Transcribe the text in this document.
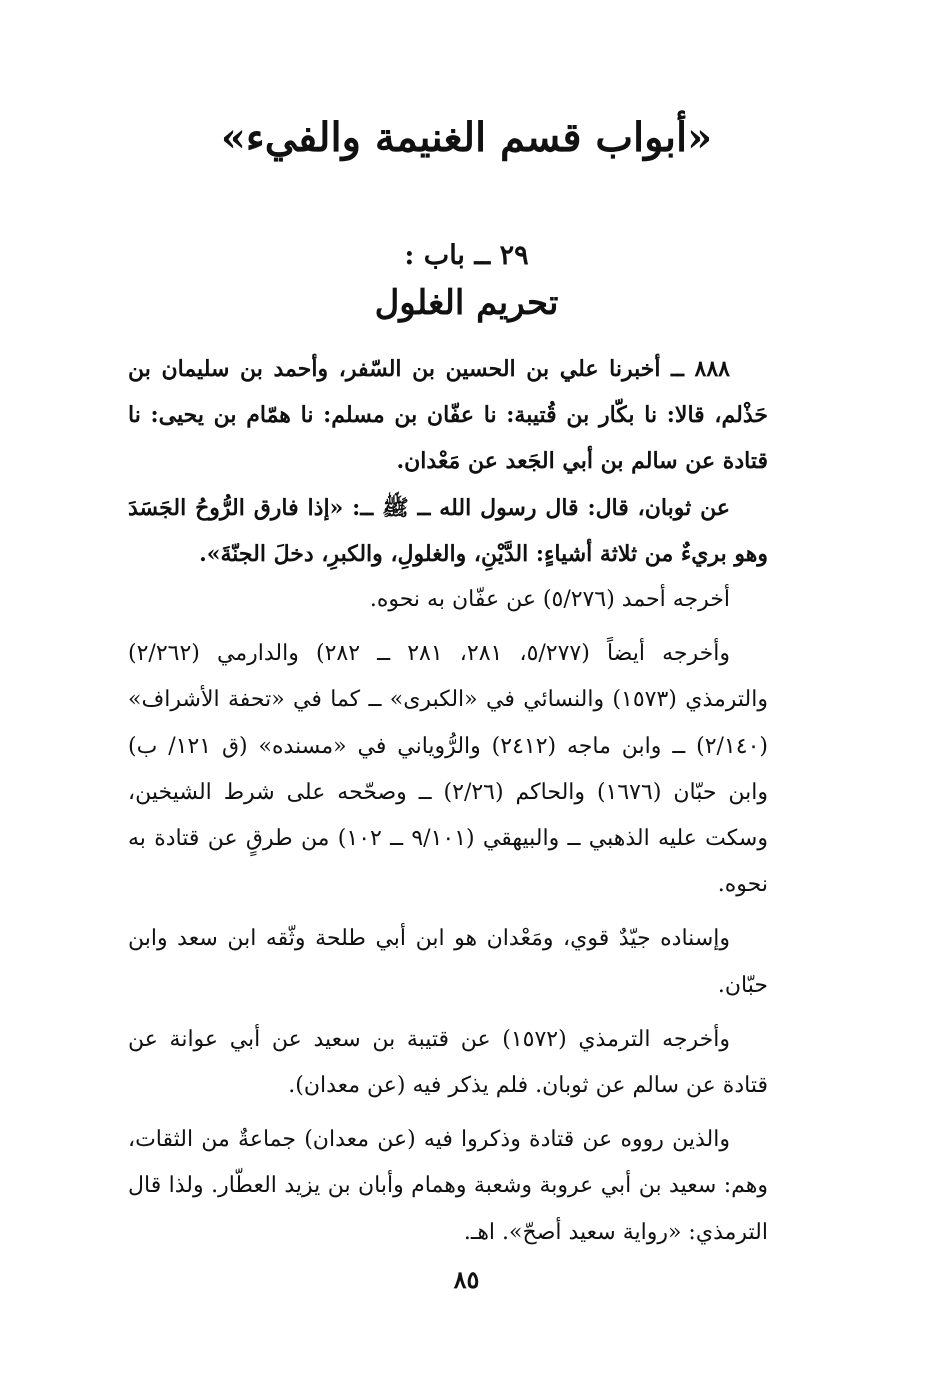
«أبواب قسم الغنيمة والفيء»
٢٩ ــ باب :
تحريم الغلول

٨٨٨ ــ أخبرنا علي بن الحسين بن السّفر، وأحمد بن سليمان بن حَذْلم، قالا: نا بكّار بن قُتيبة: نا عفّان بن مسلم: نا همّام بن يحيى: نا قتادة عن سالم بن أبي الجَعد عن مَعْدان.

عن ثوبان، قال: قال رسول الله ــ ﷺ ــ: «إذا فارق الرُّوحُ الجَسَدَ وهو بريءٌ من ثلاثة أشياءٍ: الدَّيْنِ، والغلولِ، والكبرِ، دخلَ الجنّةَ».

أخرجه أحمد (٥/٢٧٦) عن عفّان به نحوه.

وأخرجه أيضاً (٥/٢٧٧، ٢٨١، ٢٨١ ــ ٢٨٢) والدارمي (٢/٢٦٢) والترمذي (١٥٧٣) والنسائي في «الكبرى» ــ كما في «تحفة الأشراف» (٢/١٤٠) ــ وابن ماجه (٢٤١٢) والرُّوياني في «مسنده» (ق ١٢١/ ب) وابن حبّان (١٦٧٦) والحاكم (٢/٢٦) ــ وصحّحه على شرط الشيخين، وسكت عليه الذهبي ــ والبيهقي (٩/١٠١ ــ ١٠٢) من طرقٍ عن قتادة به نحوه.

وإسناده جيّدٌ قوي، ومَعْدان هو ابن أبي طلحة وثّقه ابن سعد وابن حبّان.

وأخرجه الترمذي (١٥٧٢) عن قتيبة بن سعيد عن أبي عوانة عن قتادة عن سالم عن ثوبان. فلم يذكر فيه (عن معدان).

والذين رووه عن قتادة وذكروا فيه (عن معدان) جماعةٌ من الثقات، وهم: سعيد بن أبي عروبة وشعبة وهمام وأبان بن يزيد العطّار. ولذا قال الترمذي: «رواية سعيد أصحّ». اهـ.

٨٥
